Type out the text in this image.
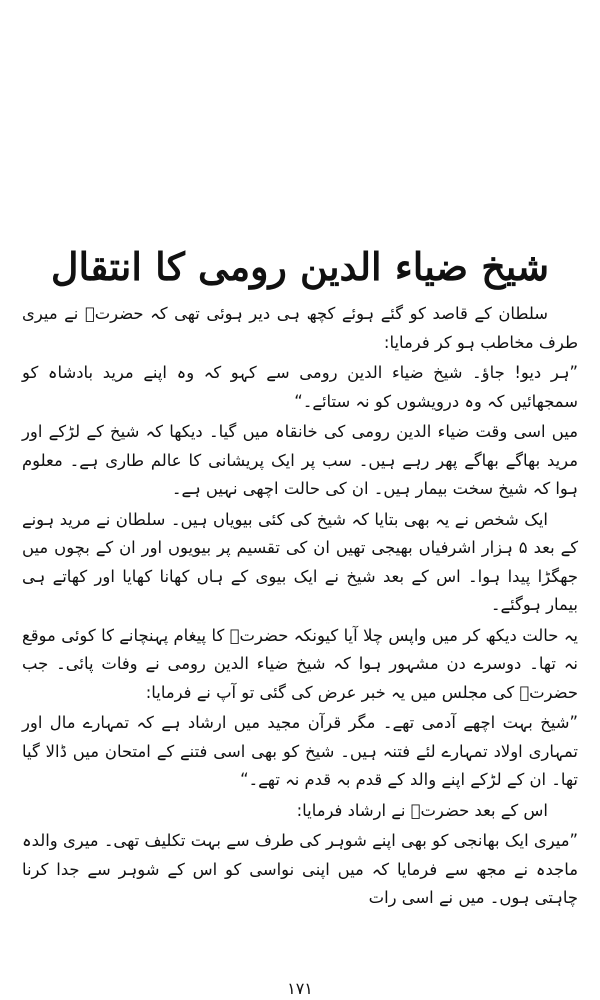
شیخ ضیاء الدین رومی کا انتقال

سلطان کے قاصد کو گئے ہوئے کچھ ہی دیر ہوئی تھی کہ حضرتؒ نے میری طرف مخاطب ہو کر فرمایا:

”ہر دیو! جاؤ۔ شیخ ضیاء الدین رومی سے کہو کہ وہ اپنے مرید بادشاہ کو سمجھائیں کہ وہ درویشوں کو نہ ستائے۔“

میں اسی وقت ضیاء الدین رومی کی خانقاہ میں گیا۔ دیکھا کہ شیخ کے لڑکے اور مرید بھاگے بھاگے پھر رہے ہیں۔ سب پر ایک پریشانی کا عالم طاری ہے۔ معلوم ہوا کہ شیخ سخت بیمار ہیں۔ ان کی حالت اچھی نہیں ہے۔

ایک شخص نے یہ بھی بتایا کہ شیخ کی کئی بیویاں ہیں۔ سلطان نے مرید ہونے کے بعد ۵ ہزار اشرفیاں بھیجی تھیں ان کی تقسیم پر بیویوں اور ان کے بچوں میں جھگڑا پیدا ہوا۔ اس کے بعد شیخ نے ایک بیوی کے ہاں کھانا کھایا اور کھاتے ہی بیمار ہوگئے۔

یہ حالت دیکھ کر میں واپس چلا آیا کیونکہ حضرتؒ کا پیغام پہنچانے کا کوئی موقع نہ تھا۔ دوسرے دن مشہور ہوا کہ شیخ ضیاء الدین رومی نے وفات پائی۔ جب حضرتؒ کی مجلس میں یہ خبر عرض کی گئی تو آپ نے فرمایا:

”شیخ بہت اچھے آدمی تھے۔ مگر قرآن مجید میں ارشاد ہے کہ تمہارے مال اور تمہاری اولاد تمہارے لئے فتنہ ہیں۔ شیخ کو بھی اسی فتنے کے امتحان میں ڈالا گیا تھا۔ ان کے لڑکے اپنے والد کے قدم بہ قدم نہ تھے۔“

اس کے بعد حضرتؒ نے ارشاد فرمایا:

”میری ایک بھانجی کو بھی اپنے شوہر کی طرف سے بہت تکلیف تھی۔ میری والدہ ماجدہ نے مجھ سے فرمایا کہ میں اپنی نواسی کو اس کے شوہر سے جدا کرنا چاہتی ہوں۔ میں نے اسی رات

۱۷۱
